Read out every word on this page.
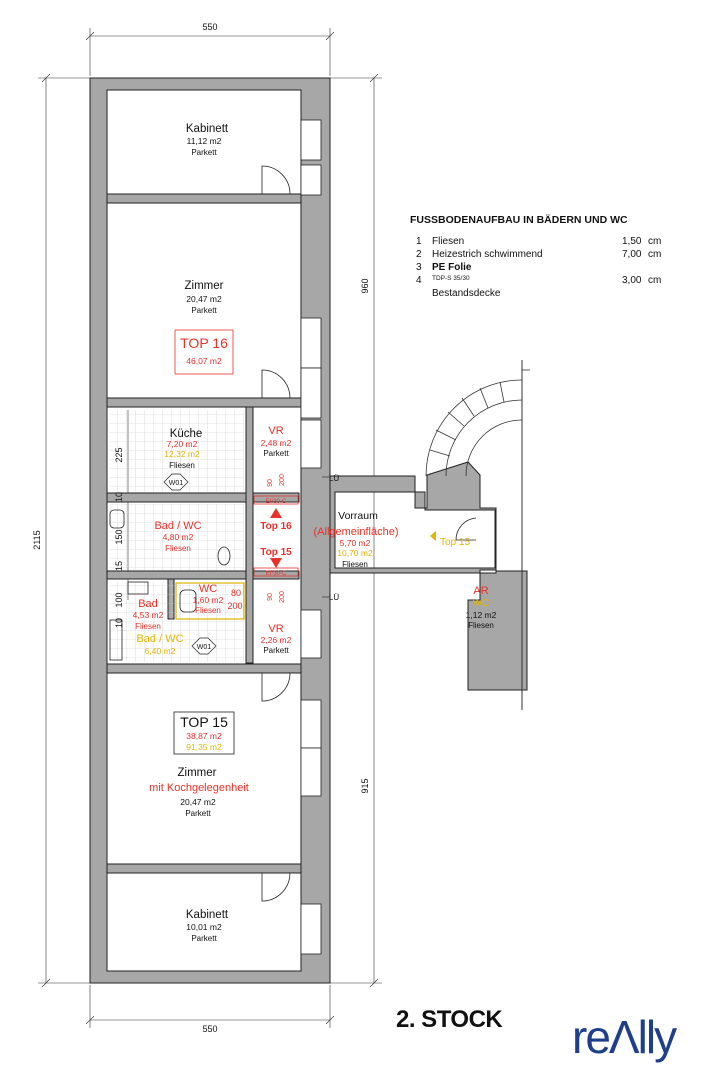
550
550
2115
960
915
225
10
150
15
100
10
90 200
90 200
80
200
Kabinett
11,12 m2
Parkett
Zimmer
20,47 m2
Parkett
TOP 16
46,07 m2
Küche
7,20 m2
12,32 m2
Fliesen
VR
2,48 m2
Parkett
Bad / WC
4,80 m2
Fliesen
Vorraum
(Allgemeinfläche)
5,70 m2
10,70 m2
Fliesen
AR
WC
1,12 m2
Fliesen
Bad
4,53 m2
Fliesen
Bad / WC
6,40 m2
WC
1,60 m2
Fliesen
VR
2,26 m2
Parkett
TOP 15
38,87 m2
91,35 m2
Zimmer
mit Kochgelegenheit
20,47 m2
Parkett
Kabinett
10,01 m2
Parkett
W01
W01
Top 16
Top 15
Top 15
EI²30-C
EI²30-C
LÜ
LÜ
FUSSBODENAUFBAU IN BÄDERN UND WC
1 Fliesen	1,50 cm
2 Heizestrich schwimmend	7,00 cm
3 PE Folie
4 TDP-S 35/30	3,00 cm
Bestandsdecke
2. STOCK reΛlly
